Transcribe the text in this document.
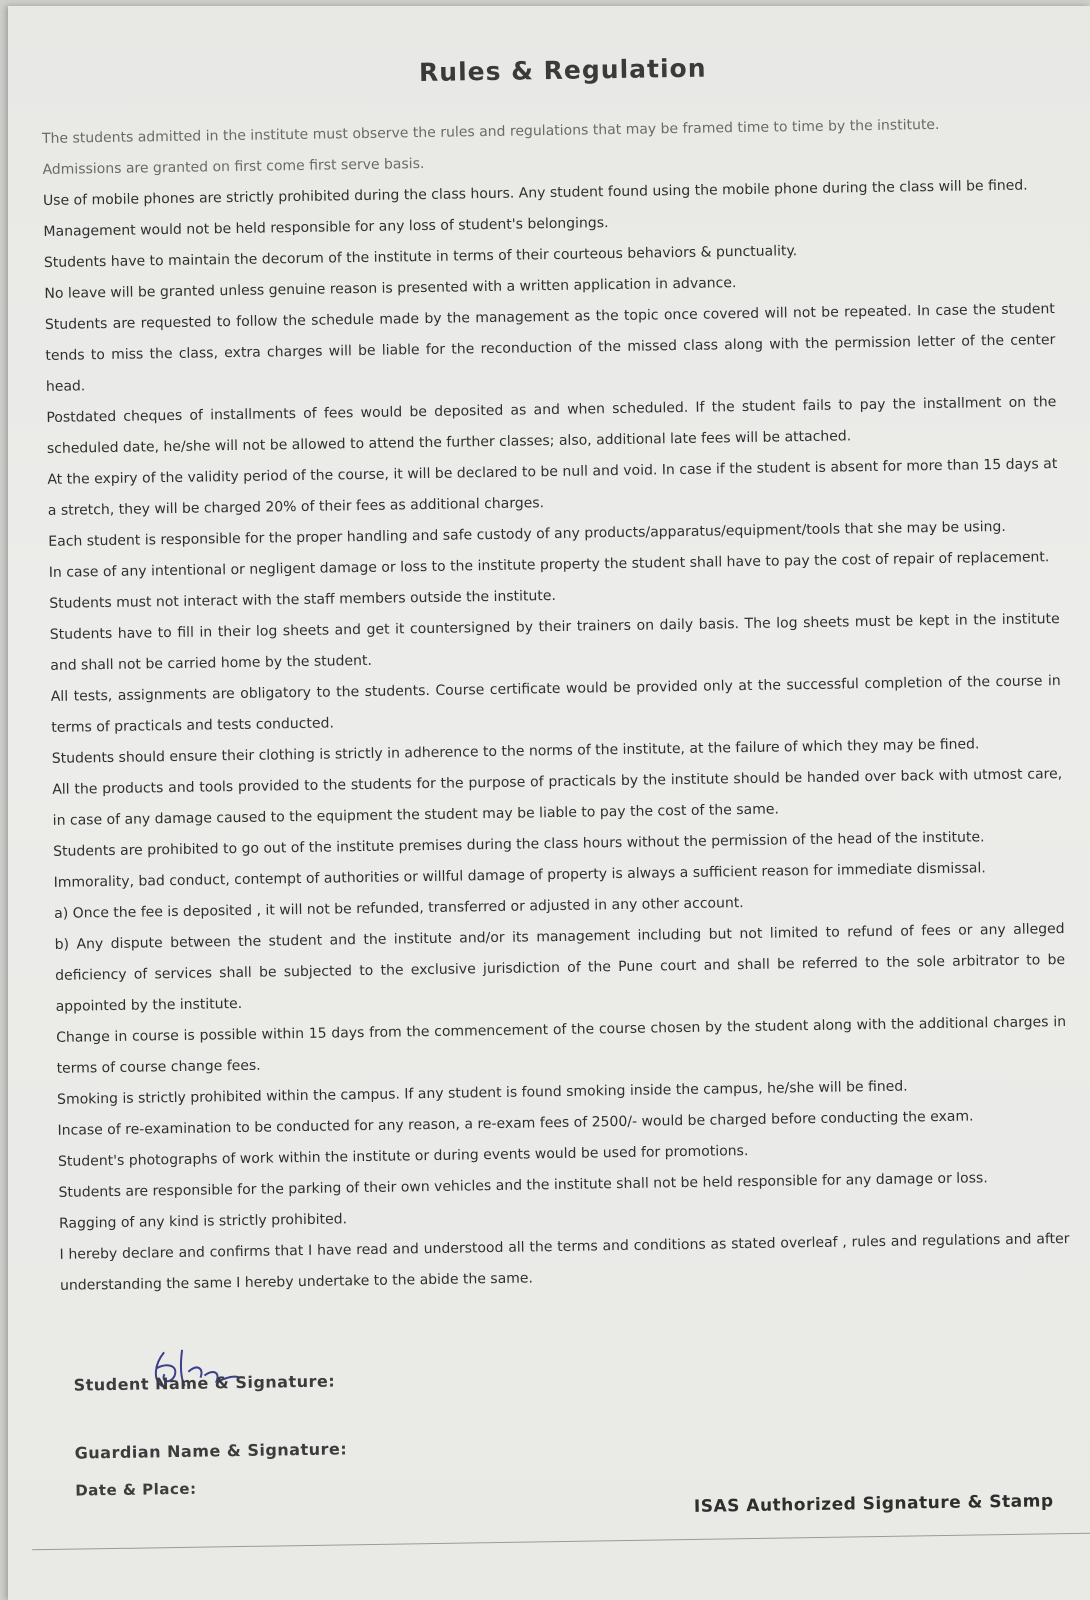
Rules & Regulation

The students admitted in the institute must observe the rules and regulations that may be framed time to time by the institute.

Admissions are granted on first come first serve basis.

Use of mobile phones are strictly prohibited during the class hours. Any student found using the mobile phone during the class will be fined.

Management would not be held responsible for any loss of student's belongings.

Students have to maintain the decorum of the institute in terms of their courteous behaviors & punctuality.

No leave will be granted unless genuine reason is presented with a written application in advance.

Students are requested to follow the schedule made by the management as the topic once covered will not be repeated. In case the student tends to miss the class, extra charges will be liable for the reconduction of the missed class along with the permission letter of the center head.

Postdated cheques of installments of fees would be deposited as and when scheduled. If the student fails to pay the installment on the scheduled date, he/she will not be allowed to attend the further classes; also, additional late fees will be attached.

At the expiry of the validity period of the course, it will be declared to be null and void. In case if the student is absent for more than 15 days at a stretch, they will be charged 20% of their fees as additional charges.

Each student is responsible for the proper handling and safe custody of any products/apparatus/equipment/tools that she may be using.

In case of any intentional or negligent damage or loss to the institute property the student shall have to pay the cost of repair of replacement.

Students must not interact with the staff members outside the institute.

Students have to fill in their log sheets and get it countersigned by their trainers on daily basis. The log sheets must be kept in the institute and shall not be carried home by the student.

All tests, assignments are obligatory to the students. Course certificate would be provided only at the successful completion of the course in terms of practicals and tests conducted.

Students should ensure their clothing is strictly in adherence to the norms of the institute, at the failure of which they may be fined.

All the products and tools provided to the students for the purpose of practicals by the institute should be handed over back with utmost care, in case of any damage caused to the equipment the student may be liable to pay the cost of the same.

Students are prohibited to go out of the institute premises during the class hours without the permission of the head of the institute.

Immorality, bad conduct, contempt of authorities or willful damage of property is always a sufficient reason for immediate dismissal.

a) Once the fee is deposited , it will not be refunded, transferred or adjusted in any other account.

b) Any dispute between the student and the institute and/or its management including but not limited to refund of fees or any alleged deficiency of services shall be subjected to the exclusive jurisdiction of the Pune court and shall be referred to the sole arbitrator to be appointed by the institute.

Change in course is possible within 15 days from the commencement of the course chosen by the student along with the additional charges in terms of course change fees.

Smoking is strictly prohibited within the campus. If any student is found smoking inside the campus, he/she will be fined.

Incase of re-examination to be conducted for any reason, a re-exam fees of 2500/- would be charged before conducting the exam.

Student's photographs of work within the institute or during events would be used for promotions.

Students are responsible for the parking of their own vehicles and the institute shall not be held responsible for any damage or loss.

Ragging of any kind is strictly prohibited.

I hereby declare and confirms that I have read and understood all the terms and conditions as stated overleaf , rules and regulations and after understanding the same I hereby undertake to the abide the same.

Student Name & Signature:
Guardian Name & Signature:
Date & Place:
ISAS Authorized Signature & Stamp
